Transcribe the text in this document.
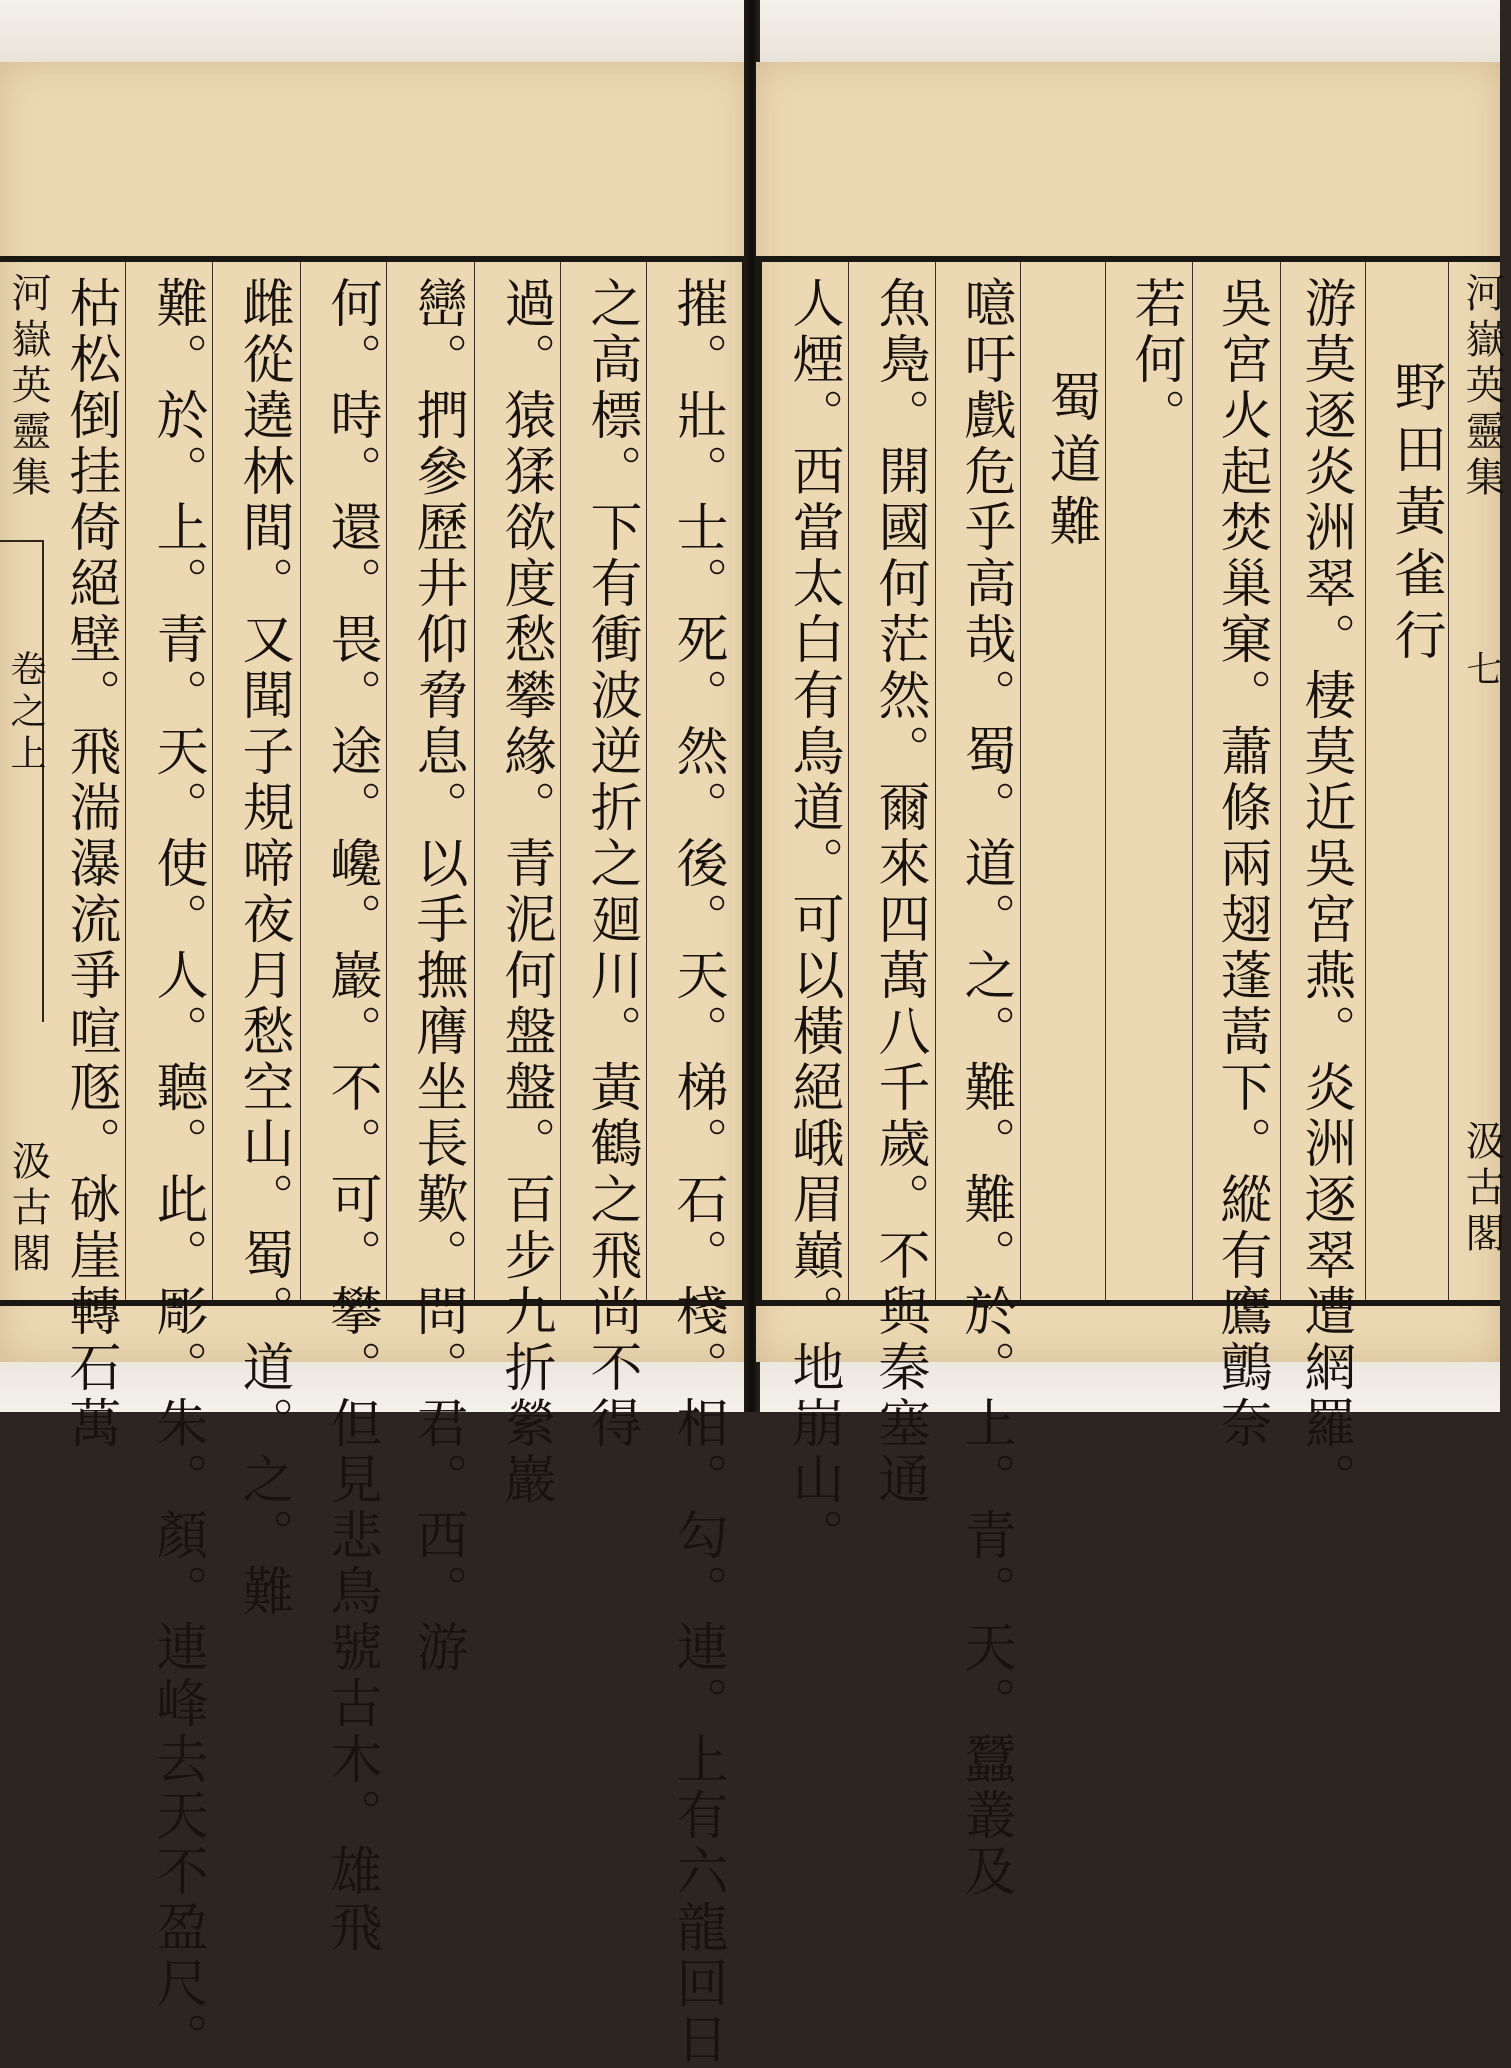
河嶽英靈集
卷之上
汲古閣	摧。壯。士。死。然。後。天。梯。石。棧。相。勾。連。上有六龍回日
之高標。下有衝波逆折之廻川。黃鶴之飛尚不得
過。猿猱欲度愁攀緣。青泥何盤盤。百步九折縈巖
巒。捫參歷井仰脅息。以手撫膺坐長歎。問。君。西。游
何。時。還。畏。途。巉。巖。不。可。攀。但見悲鳥號古木。雄飛
雌從遶林間。又聞子規啼夜月愁空山。蜀。道。之。難
難。於。上。青。天。使。人。聽。此。彫。朱。顏。連峰去天不盈尺。
枯松倒挂倚絕壁。飛湍瀑流爭喧豗。砯崖轉石萬	野田黃雀行
游莫逐炎洲翠。棲莫近吳宮燕。炎洲逐翠遭網羅。
吳宮火起焚巢窠。蕭條兩翅蓬蒿下。縱有鷹鸇奈
若何。
蜀道難
噫吁戲危乎高哉。蜀。道。之。難。難。於。上。青。天。蠶叢及
魚鳧。開國何茫然。爾來四萬八千歲。不與秦塞通
人煙。西當太白有鳥道。可以橫絕峨眉巔。地崩山。	河嶽英靈集
七
汲古閣
